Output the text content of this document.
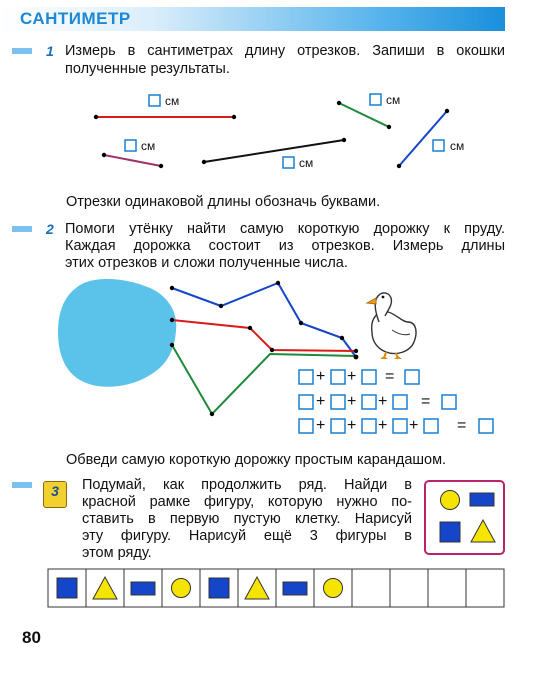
САНТИМЕТР
1 Измерь в сантиметрах длину отрезков. Запиши в окошки полученные результаты.
см	см
см	см
см
Отрезки одинаковой длины обозначь буквами.
2 Помоги утёнку найти самую короткую дорожку к пруду.
Каждая дорожка состоит из отрезков. Измерь длины
этих отрезков и сложи полученные числа.
+ + =
+ + + =
+ + + + =
Обведи самую короткую дорожку простым карандашом.
3	Подумай, как продолжить ряд. Найди в
красной рамке фигуру, которую нужно по-
ставить в первую пустую клетку. Нарисуй
эту фигуру. Нарисуй ещё 3 фигуры в
этом ряду.
80
